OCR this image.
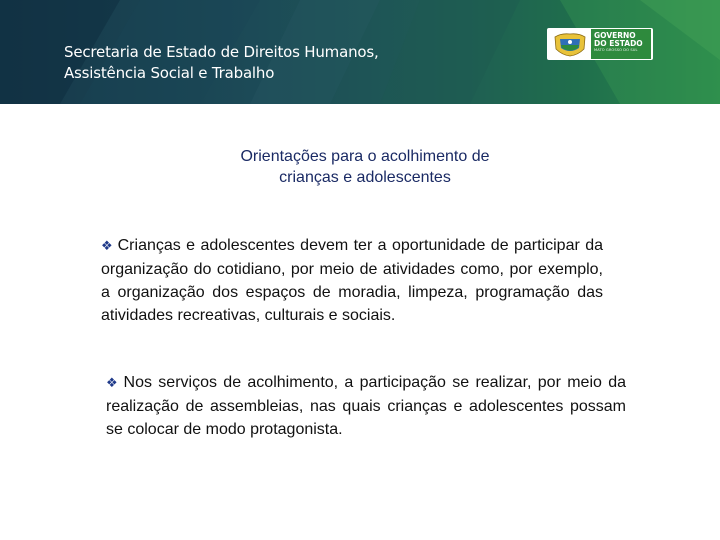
Secretaria de Estado de Direitos Humanos,
Assistência Social e Trabalho
GOVERNO
DO ESTADO
MATO GROSSO DO SUL
Orientações para o acolhimento de
crianças e adolescentes
❖ Crianças e adolescentes devem ter a oportunidade de participar da organização do cotidiano, por meio de atividades como, por exemplo, a organização dos espaços de moradia, limpeza, programação das atividades recreativas, culturais e sociais.
❖ Nos serviços de acolhimento, a participação se realizar, por meio da realização de assembleias, nas quais crianças e adolescentes possam se colocar de modo protagonista.
